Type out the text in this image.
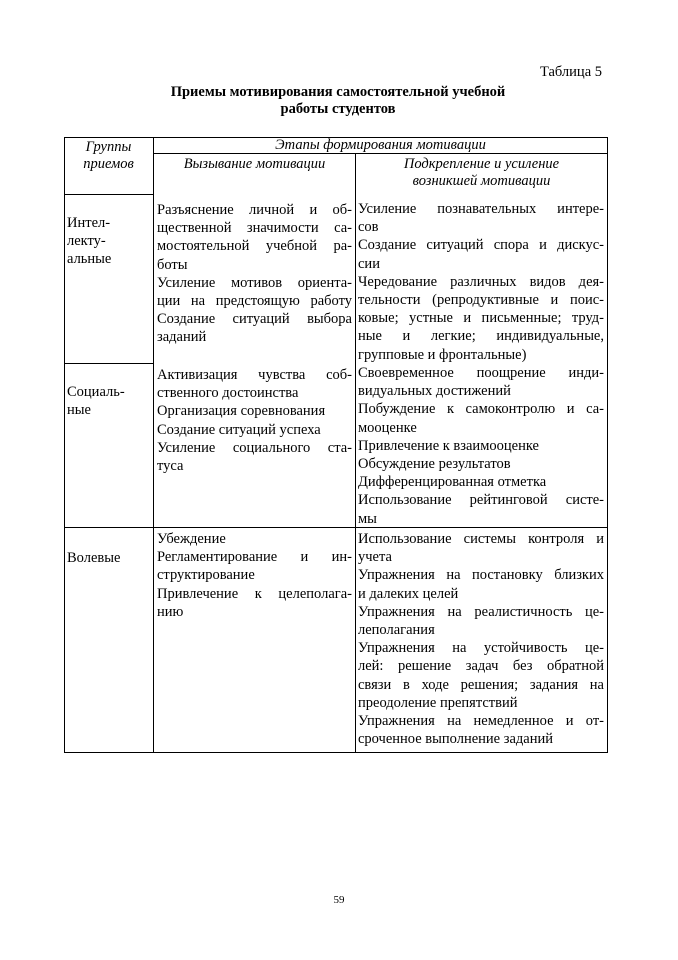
Таблица 5
Приемы мотивирования самостоятельной учебной
работы студентов
Группы
приемов
Этапы формирования мотивации
Вызывание мотивации	Подкрепление и усиление
возникшей мотивации
Интел-
лекту-
альные
Разъяснение личной и об-
щественной значимости са-
мостоятельной учебной ра-
боты
Усиление мотивов ориента-
ции на предстоящую работу
Создание ситуаций выбора
заданий
Усиление познавательных интере-
сов
Создание ситуаций спора и дискус-
сии
Чередование различных видов дея-
тельности (репродуктивные и поис-
ковые; устные и письменные; труд-
ные и легкие; индивидуальные,
групповые и фронтальные)
Социаль-
ные
Активизация чувства соб-
ственного достоинства
Организация соревнования
Создание ситуаций успеха
Усиление социального ста-
туса
Своевременное поощрение инди-
видуальных достижений
Побуждение к самоконтролю и са-
мооценке
Привлечение к взаимооценке
Обсуждение результатов
Дифференцированная отметка
Использование рейтинговой систе-
мы
Волевые
Убеждение
Регламентирование и ин-
структирование
Привлечение к целеполага-
нию
Использование системы контроля и
учета
Упражнения на постановку близких
и далеких целей
Упражнения на реалистичность це-
леполагания
Упражнения на устойчивость це-
лей: решение задач без обратной
связи в ходе решения; задания на
преодоление препятствий
Упражнения на немедленное и от-
сроченное выполнение заданий
59
